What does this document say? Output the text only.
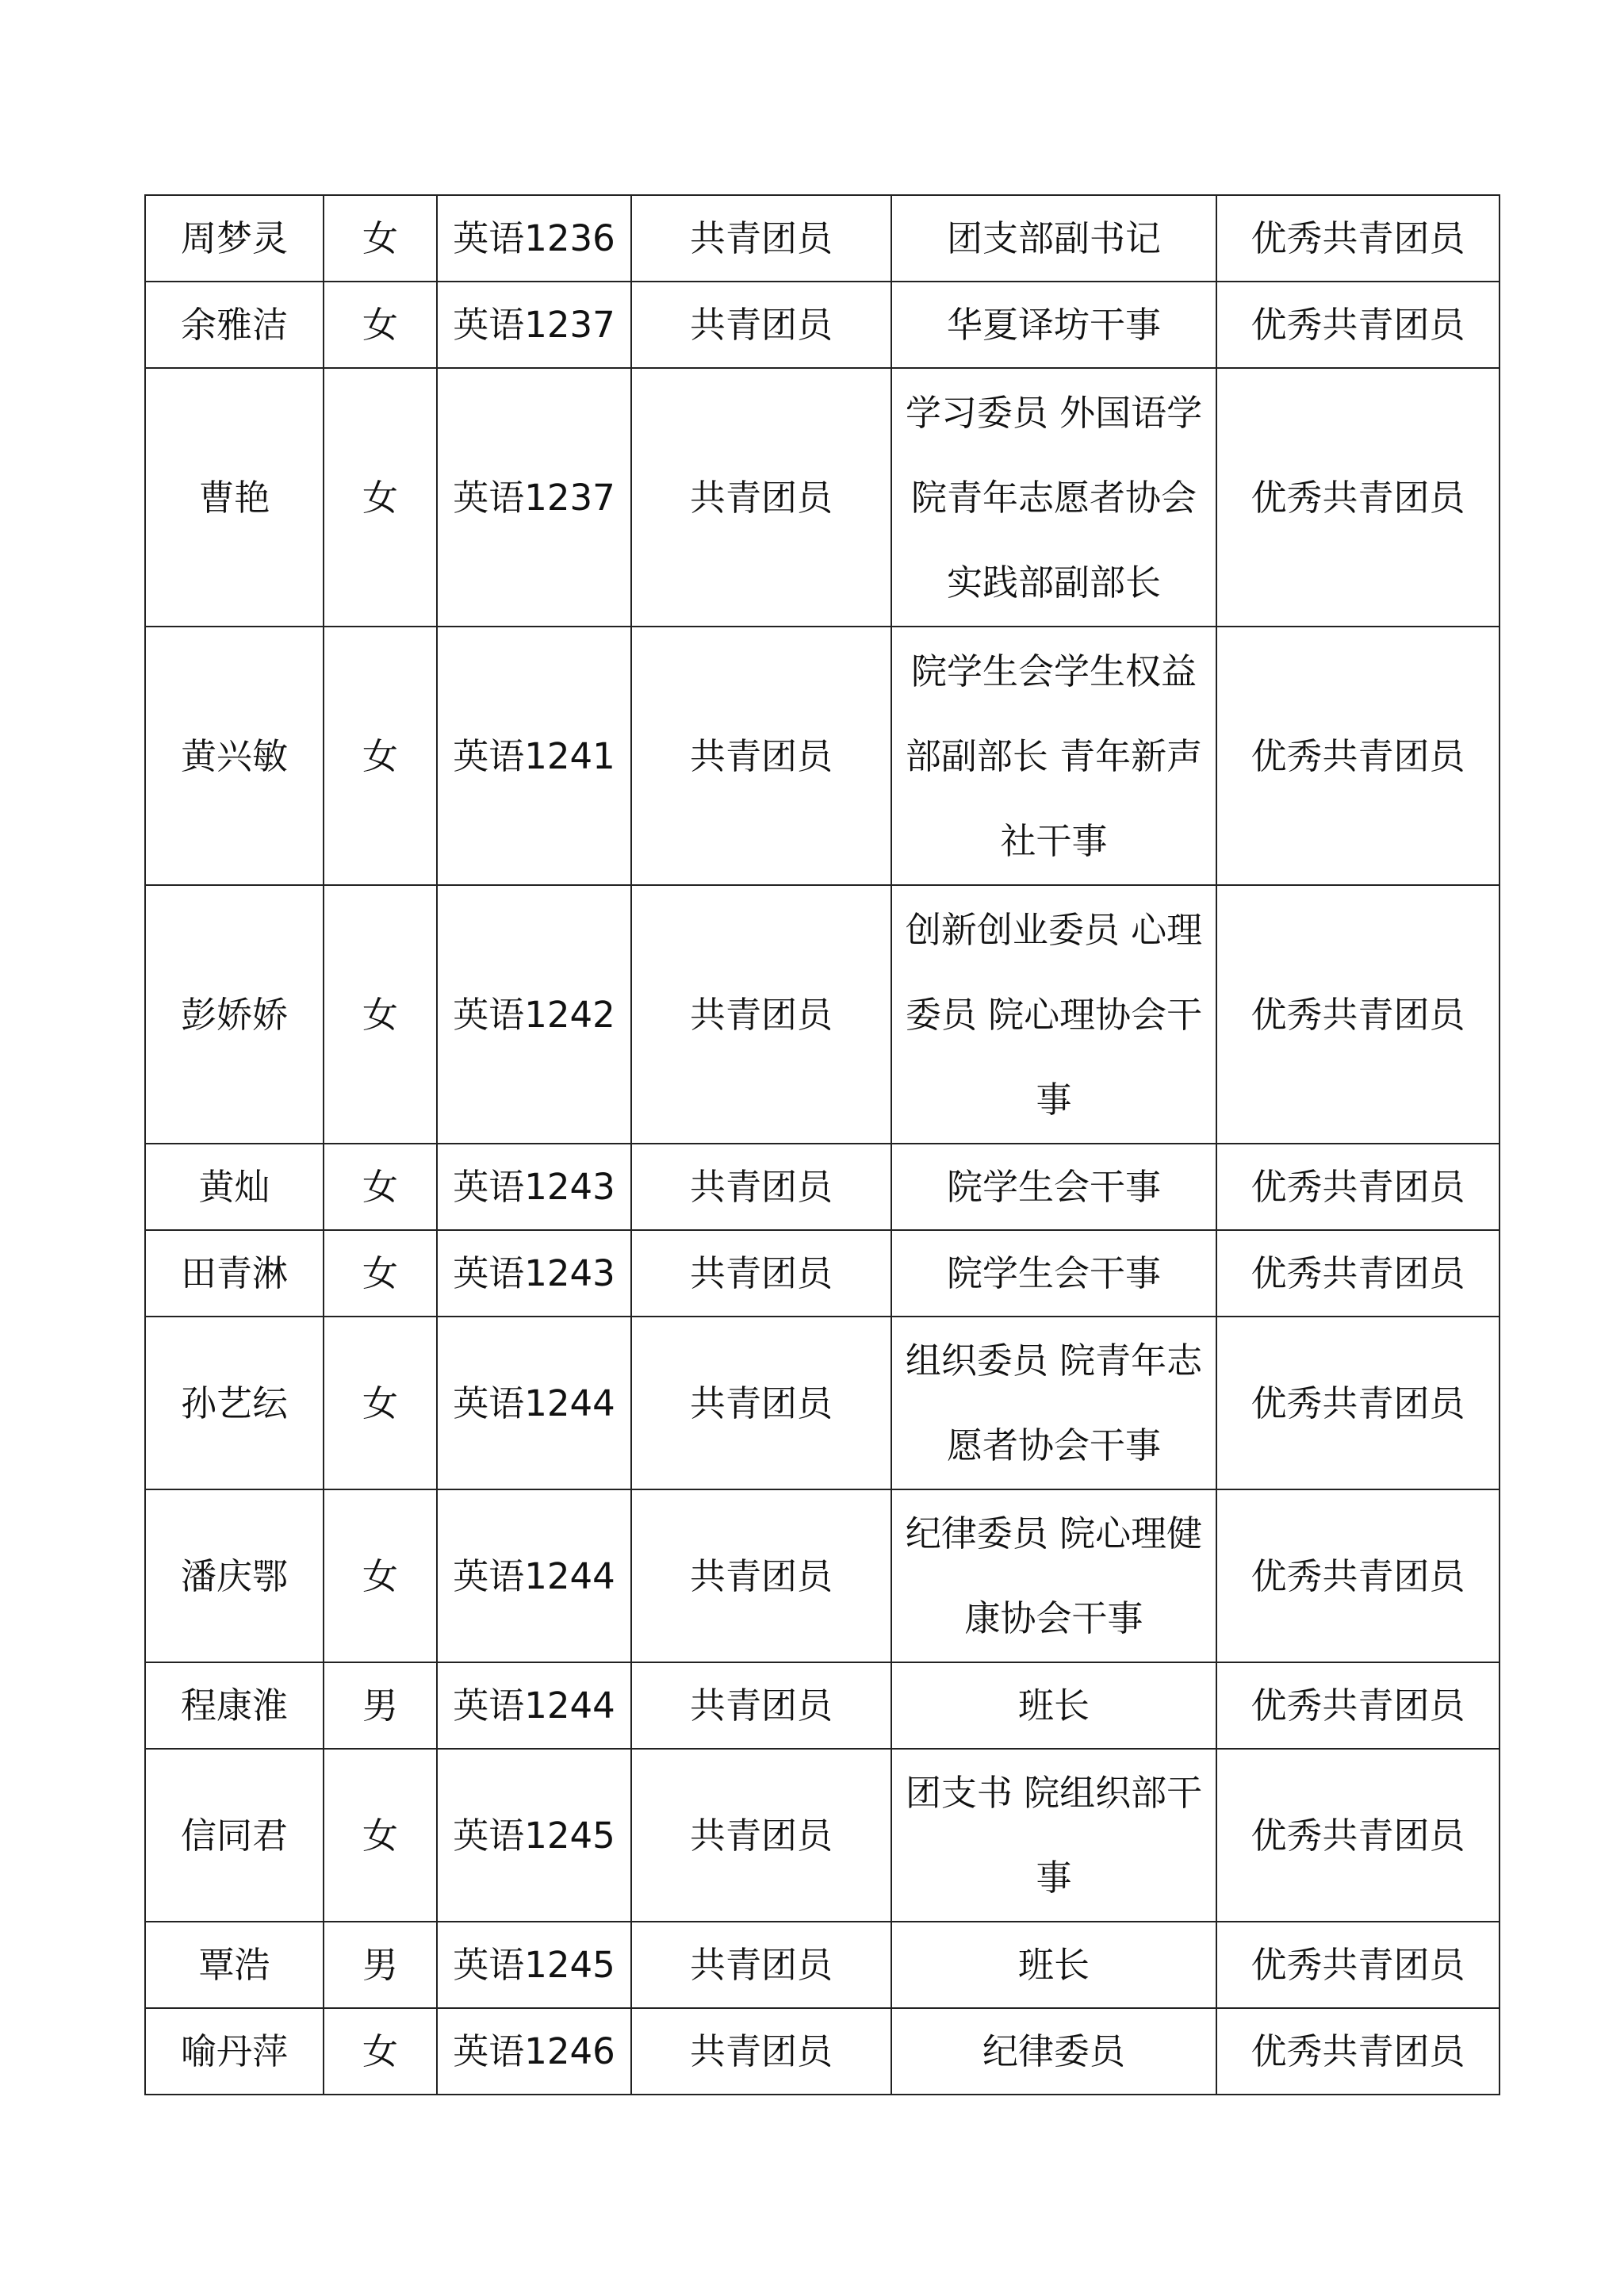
周梦灵	女	英语1236	共青团员	团支部副书记	优秀共青团员
余雅洁	女	英语1237	共青团员	华夏译坊干事	优秀共青团员
曹艳	女	英语1237	共青团员	学习委员 外国语学院青年志愿者协会实践部副部长	优秀共青团员
黄兴敏	女	英语1241	共青团员	院学生会学生权益部副部长 青年新声社干事	优秀共青团员
彭娇娇	女	英语1242	共青团员	创新创业委员 心理委员 院心理协会干事	优秀共青团员
黄灿	女	英语1243	共青团员	院学生会干事	优秀共青团员
田青淋	女	英语1243	共青团员	院学生会干事	优秀共青团员
孙艺纭	女	英语1244	共青团员	组织委员 院青年志愿者协会干事	优秀共青团员
潘庆鄂	女	英语1244	共青团员	纪律委员 院心理健康协会干事	优秀共青团员
程康淮	男	英语1244	共青团员	班长	优秀共青团员
信同君	女	英语1245	共青团员	团支书 院组织部干事	优秀共青团员
覃浩	男	英语1245	共青团员	班长	优秀共青团员
喻丹萍	女	英语1246	共青团员	纪律委员	优秀共青团员
